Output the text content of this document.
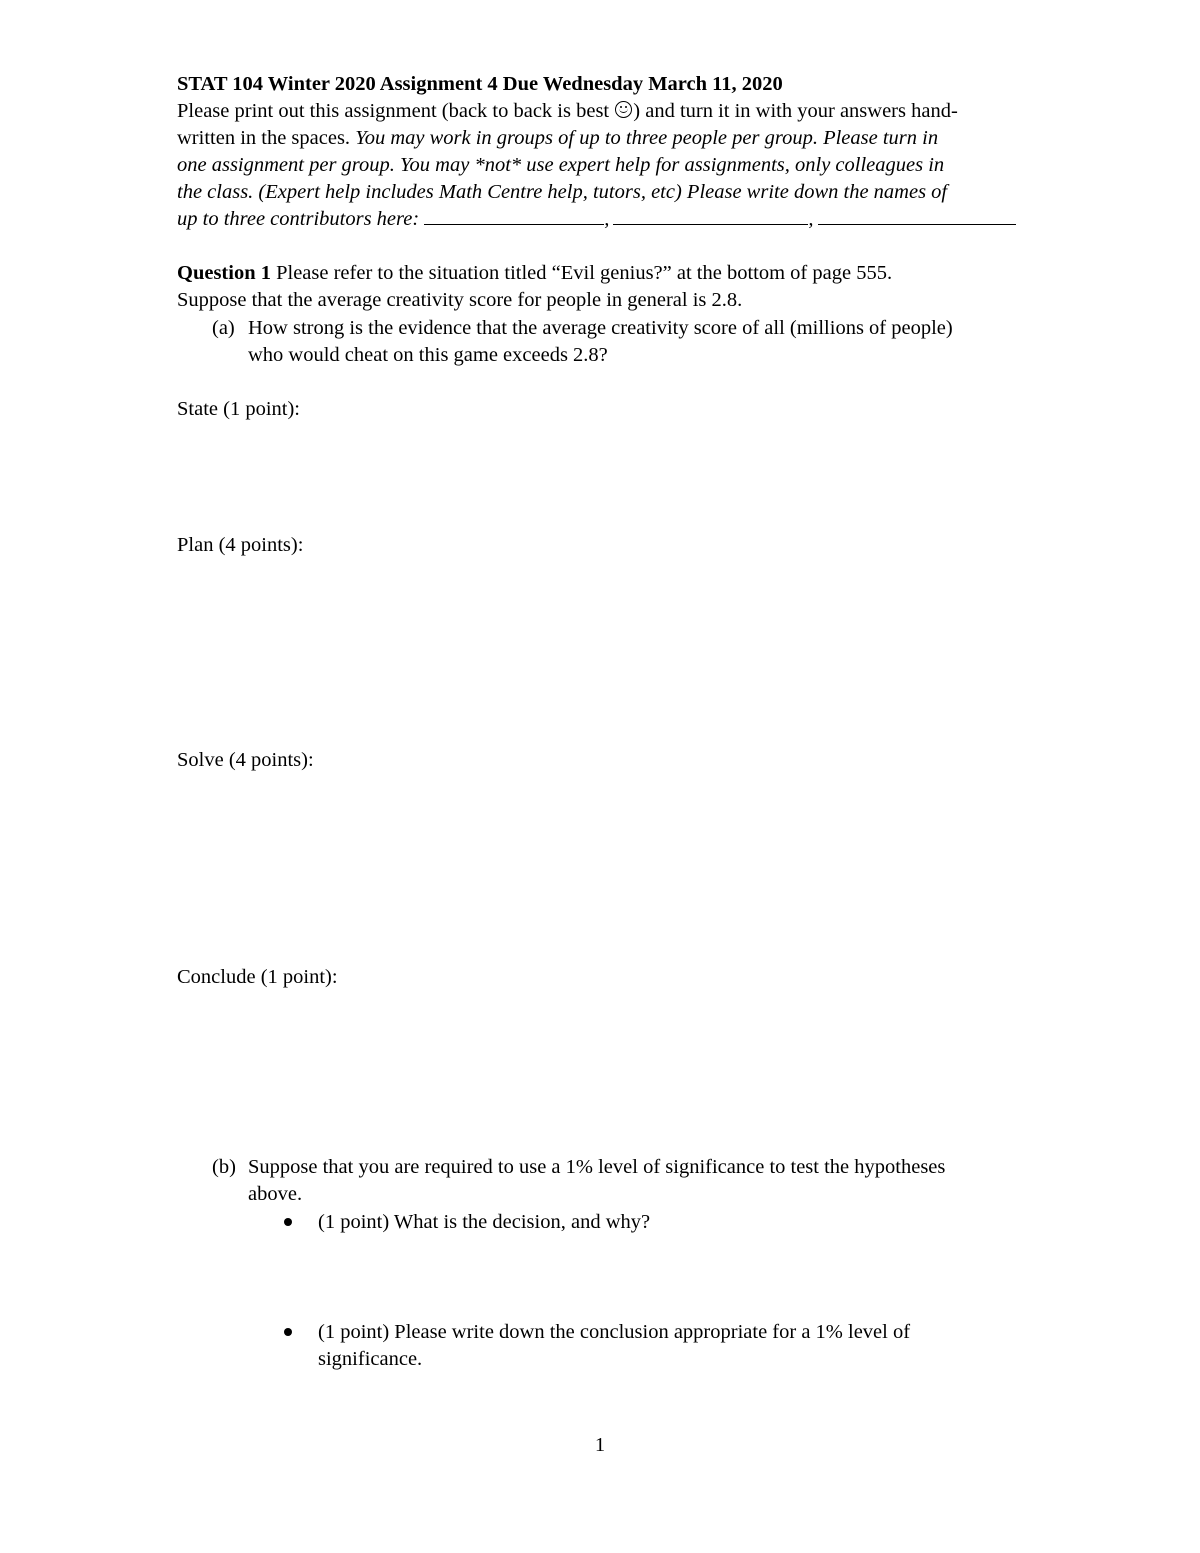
STAT 104 Winter 2020 Assignment 4 Due Wednesday March 11, 2020
Please print out this assignment (back to back is best
) and turn it in with your answers hand-
written in the spaces. You may work in groups of up to three people per group. Please turn in
one assignment per group. You may *not* use expert help for assignments, only colleagues in
the class. (Expert help includes Math Centre help, tutors, etc) Please write down the names of
up to three contributors here:	,	,
Question 1 Please refer to the situation titled “Evil genius?” at the bottom of page 555.
Suppose that the average creativity score for people in general is 2.8.
(a) How strong is the evidence that the average creativity score of all (millions of people)
who would cheat on this game exceeds 2.8?
State (1 point):
Plan (4 points):
Solve (4 points):
Conclude (1 point):
(b) Suppose that you are required to use a 1% level of significance to test the hypotheses
above.
(1 point) What is the decision, and why?
(1 point) Please write down the conclusion appropriate for a 1% level of
significance.
1
